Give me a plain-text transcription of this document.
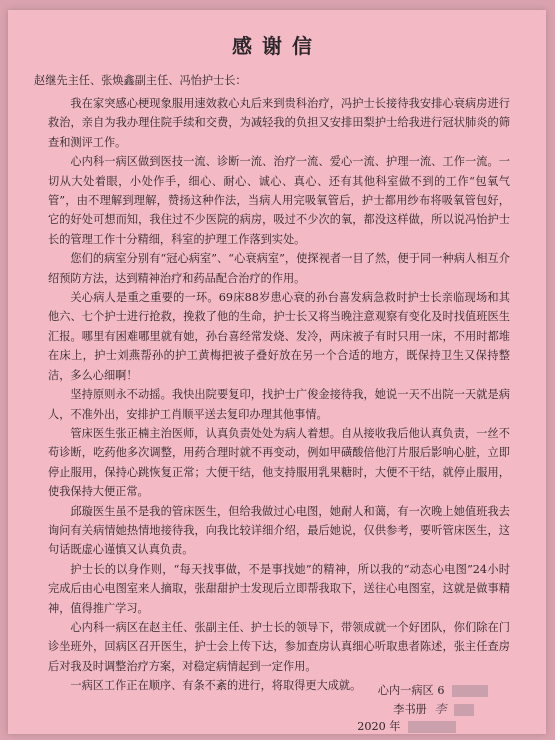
感谢信
赵继先主任、张焕鑫副主任、冯怡护士长：

我在家突感心梗现象服用速效救心丸后来到贵科治疗，冯护士长接待我安排心衰病房进行救治，亲自为我办理住院手续和交费，为减轻我的负担又安排田梨护士给我进行冠状肺炎的筛查和测评工作。

心内科一病区做到医技一流、诊断一流、治疗一流、爱心一流、护理一流、工作一流。一切从大处着眼，小处作手，细心、耐心、诚心、真心、还有其他科室做不到的工作“包氧气管”，由不理解到理解，赞扬这种作法，当病人用完吸氧管后，护士都用纱布将吸氧管包好，它的好处可想而知，我住过不少医院的病房，吸过不少次的氧，都没这样做，所以说冯怡护士长的管理工作十分精细，科室的护理工作落到实处。

您们的病室分别有“冠心病室”、“心衰病室”，使探视者一目了然，便于同一种病人相互介绍预防方法，达到精神治疗和药品配合治疗的作用。

关心病人是重之重要的一环。69床88岁患心衰的孙台喜发病急救时护士长亲临现场和其他六、七个护士进行抢救，挽救了他的生命，护士长又将当晚注意观察有变化及时找值班医生汇报。哪里有困难哪里就有她，孙台喜经常发烧、发冷，两床被子有时只用一床，不用时都堆在床上，护士刘燕帮孙的护工黄梅把被子叠好放在另一个合适的地方，既保持卫生又保持整洁，多么心细啊！

坚持原则永不动摇。我快出院要复印，找护士广俊金接待我，她说一天不出院一天就是病人，不准外出，安排护工肖顺平送去复印办理其他事情。

管床医生张正楠主治医师，认真负责处处为病人着想。自从接收我后他认真负责，一丝不苟诊断，吃药他多次调整，用药合理时就不再变动，例如甲磺酸倍他汀片服后影响心脏，立即停止服用，保持心跳恢复正常；大便干结，他支持服用乳果糖时，大便不干结，就停止服用，使我保持大便正常。

邱璇医生虽不是我的管床医生，但给我做过心电图，她耐人和蔼，有一次晚上她值班我去询问有关病情她热情地接待我，向我比较详细介绍，最后她说，仅供参考，要听管床医生，这句话既虚心谨慎又认真负责。

护士长的以身作则，“每天找事做，不是事找她”的精神，所以我的“动态心电图”24小时完成后由心电图室来人摘取，张甜甜护士发现后立即帮我取下，送往心电图室，这就是做事精神，值得推广学习。

心内科一病区在赵主任、张副主任、护士长的领导下，带领成就一个好团队，你们除在门诊坐班外，回病区召开医生，护士会上传下达，参加查房认真细心听取患者陈述，张主任查房后对我及时调整治疗方案，对稳定病情起到一定作用。

一病区工作正在顺序、有条不紊的进行，将取得更大成就。	心内一病区 6
李书册 李
2020 年
